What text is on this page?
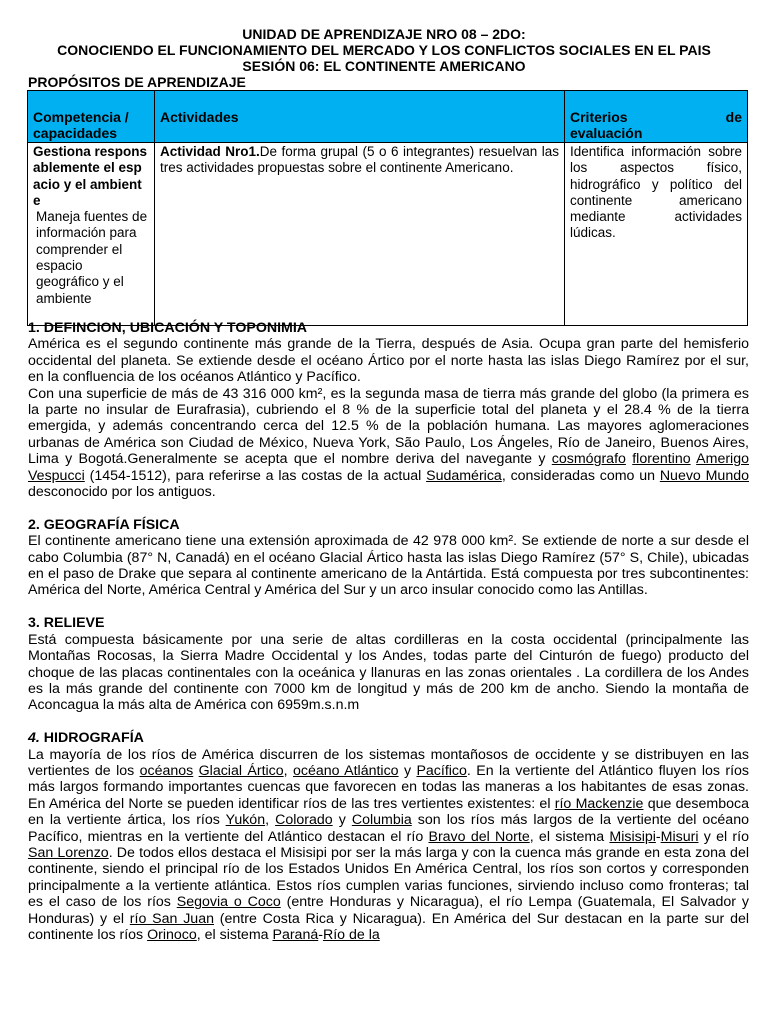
UNIDAD DE APRENDIZAJE NRO 08 – 2DO:
CONOCIENDO EL FUNCIONAMIENTO DEL MERCADO Y LOS CONFLICTOS SOCIALES EN EL PAIS
SESIÓN 06: EL CONTINENTE AMERICANO
PROPÓSITOS DE APRENDIZAJE
Competencia / capacidades	Actividades	Criterios de
evaluación

Gestiona responsablemente el espacio y el ambiente
Maneja fuentes de información para comprender el espacio geográfico y el ambiente	Actividad Nro1.De forma grupal (5 o 6 integrantes) resuelvan las tres actividades propuestas sobre el continente Americano.	Identifica información sobre los aspectos físico, hidrográfico y político del continente americano mediante actividades lúdicas.

1. DEFINCION, UBICACIÓN Y TOPONIMIA

América es el segundo continente más grande de la Tierra, después de Asia. Ocupa gran parte del hemisferio occidental del planeta. Se extiende desde el océano Ártico por el norte hasta las islas Diego Ramírez por el sur, en la confluencia de los océanos Atlántico y Pacífico.

Con una superficie de más de 43 316 000 km², es la segunda masa de tierra más grande del globo (la primera es la parte no insular de Eurafrasia), cubriendo el 8 % de la superficie total del planeta y el 28.4 % de la tierra emergida, y además concentrando cerca del 12.5 % de la población humana. Las mayores aglomeraciones urbanas de América son Ciudad de México, Nueva York, São Paulo, Los Ángeles, Río de Janeiro, Buenos Aires, Lima y Bogotá.Generalmente se acepta que el nombre deriva del navegante y cosmógrafo florentino Amerigo Vespucci (1454-1512), para referirse a las costas de la actual Sudamérica, consideradas como un Nuevo Mundo desconocido por los antiguos.

2. GEOGRAFÍA FÍSICA

El continente americano tiene una extensión aproximada de 42 978 000 km². Se extiende de norte a sur desde el cabo Columbia (87° N, Canadá) en el océano Glacial Ártico hasta las islas Diego Ramírez (57° S, Chile), ubicadas en el paso de Drake que separa al continente americano de la Antártida. Está compuesta por tres subcontinentes: América del Norte, América Central y América del Sur y un arco insular conocido como las Antillas.

3. RELIEVE

Está compuesta básicamente por una serie de altas cordilleras en la costa occidental (principalmente las Montañas Rocosas, la Sierra Madre Occidental y los Andes, todas parte del Cinturón de fuego) producto del choque de las placas continentales con la oceánica y llanuras en las zonas orientales . La cordillera de los Andes es la más grande del continente con 7000 km de longitud y más de 200 km de ancho. Siendo la montaña de Aconcagua la más alta de América con 6959m.s.n.m

4. HIDROGRAFÍA

La mayoría de los ríos de América discurren de los sistemas montañosos de occidente y se distribuyen en las vertientes de los océanos Glacial Ártico, océano Atlántico y Pacífico. En la vertiente del Atlántico fluyen los ríos más largos formando importantes cuencas que favorecen en todas las maneras a los habitantes de esas zonas. En América del Norte se pueden identificar ríos de las tres vertientes existentes: el río Mackenzie que desemboca en la vertiente ártica, los ríos Yukón, Colorado y Columbia son los ríos más largos de la vertiente del océano Pacífico, mientras en la vertiente del Atlántico destacan el río Bravo del Norte, el sistema Misisipi-Misuri y el río San Lorenzo. De todos ellos destaca el Misisipi por ser la más larga y con la cuenca más grande en esta zona del continente, siendo el principal río de los Estados Unidos En América Central, los ríos son cortos y corresponden principalmente a la vertiente atlántica. Estos ríos cumplen varias funciones, sirviendo incluso como fronteras; tal es el caso de los ríos Segovia o Coco (entre Honduras y Nicaragua), el río Lempa (Guatemala, El Salvador y Honduras) y el río San Juan (entre Costa Rica y Nicaragua). En América del Sur destacan en la parte sur del continente los ríos Orinoco, el sistema Paraná-Río de la
